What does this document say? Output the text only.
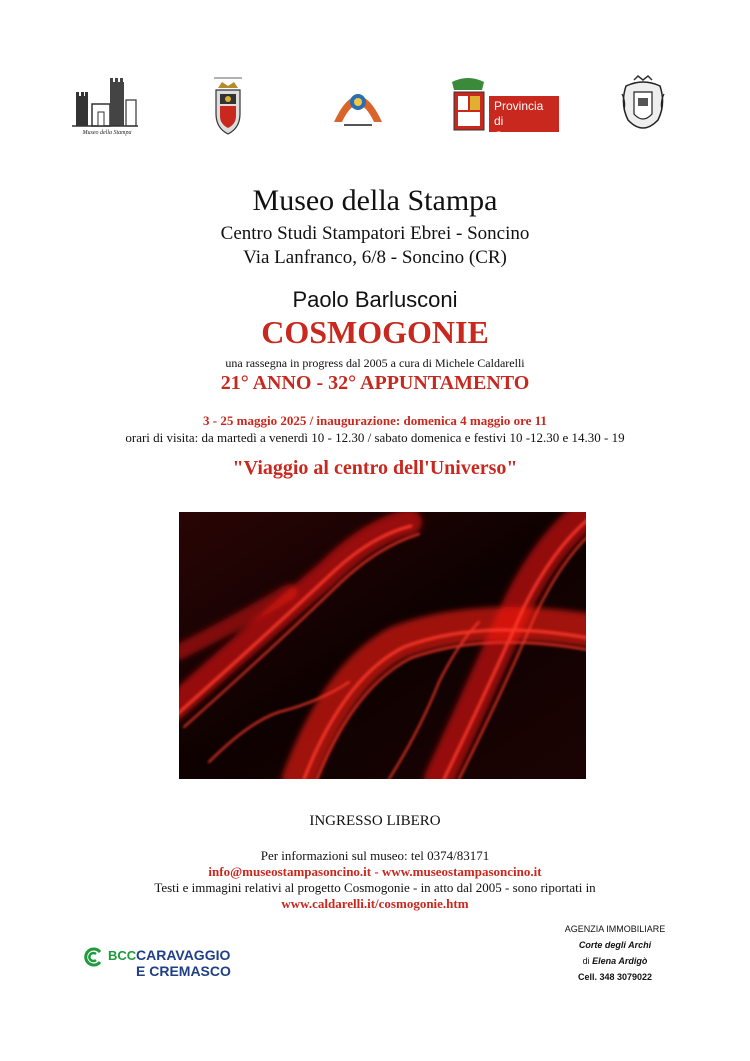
Museo della Stampa
Provincia
di Cremona
Museo della Stampa
Centro Studi Stampatori Ebrei - Soncino
Via Lanfranco, 6/8 - Soncino (CR)
Paolo Barlusconi
COSMOGONIE
una rassegna in progress dal 2005 a cura di Michele Caldarelli
21° ANNO - 32° APPUNTAMENTO
3 - 25 maggio 2025 / inaugurazione: domenica 4 maggio ore 11
orari di visita: da martedì a venerdì 10 - 12.30 / sabato domenica e festivi 10 -12.30 e 14.30 - 19
"Viaggio al centro dell'Universo"
INGRESSO LIBERO
Per informazioni sul museo: tel 0374/83171
info@museostampasoncino.it - www.museostampasoncino.it
Testi e immagini relativi al progetto Cosmogonie - in atto dal 2005 - sono riportati in
www.caldarelli.it/cosmogonie.htm
BCC CARAVAGGIO
E CREMASCO
AGENZIA IMMOBILIARE
Corte degli Archi
di Elena Ardigò
Cell. 348 3079022
